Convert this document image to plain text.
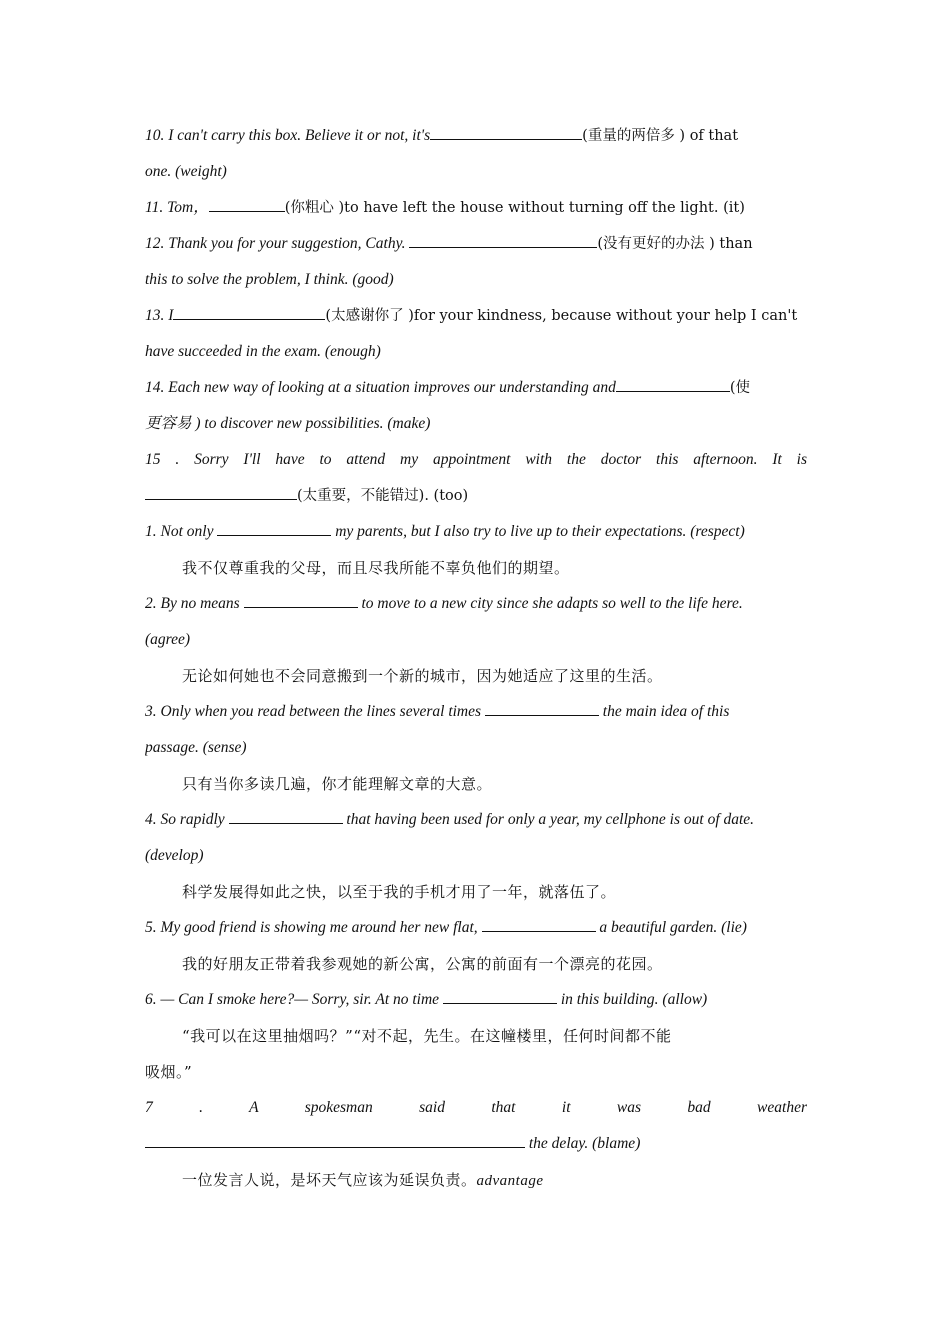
10. I can't carry this box. Believe it or not, it's	(重量的两倍多 ) of that
one. (weight)
11. Tom，	(你粗心 )to have left the house without turning off the light. (it)
12. Thank you for your suggestion, Cathy.	(没有更好的办法 ) than
this to solve the problem, I think. (good)
13. I	(太感谢你了 )for your kindness, because without your help I can't
have succeeded in the exam. (enough)
14. Each new way of looking at a situation improves our understanding and	(使
更容易 ) to discover new possibilities. (make)
15 . Sorry I'll have to attend my appointment with the doctor this afternoon. It is
(太重要，不能错过). (too)
1. Not only	my parents, but I also try to live up to their expectations. (respect)
我不仅尊重我的父母，而且尽我所能不辜负他们的期望。
2. By no means	to move to a new city since she adapts so well to the life here.
(agree)
无论如何她也不会同意搬到一个新的城市，因为她适应了这里的生活。
3. Only when you read between the lines several times	the main idea of this
passage. (sense)
只有当你多读几遍，你才能理解文章的大意。
4. So rapidly	that having been used for only a year, my cellphone is out of date.
(develop)
科学发展得如此之快，以至于我的手机才用了一年，就落伍了。
5. My good friend is showing me around her new flat,	a beautiful garden. (lie)
我的好朋友正带着我参观她的新公寓，公寓的前面有一个漂亮的花园。
6. — Can I smoke here?— Sorry, sir. At no time	in this building. (allow)
“我可以在这里抽烟吗？”“对不起，先生。在这幢楼里，任何时间都不能
吸烟。”
7 . A spokesman said that it was bad weather
the delay. (blame)
一位发言人说，是坏天气应该为延误负责。advantage
